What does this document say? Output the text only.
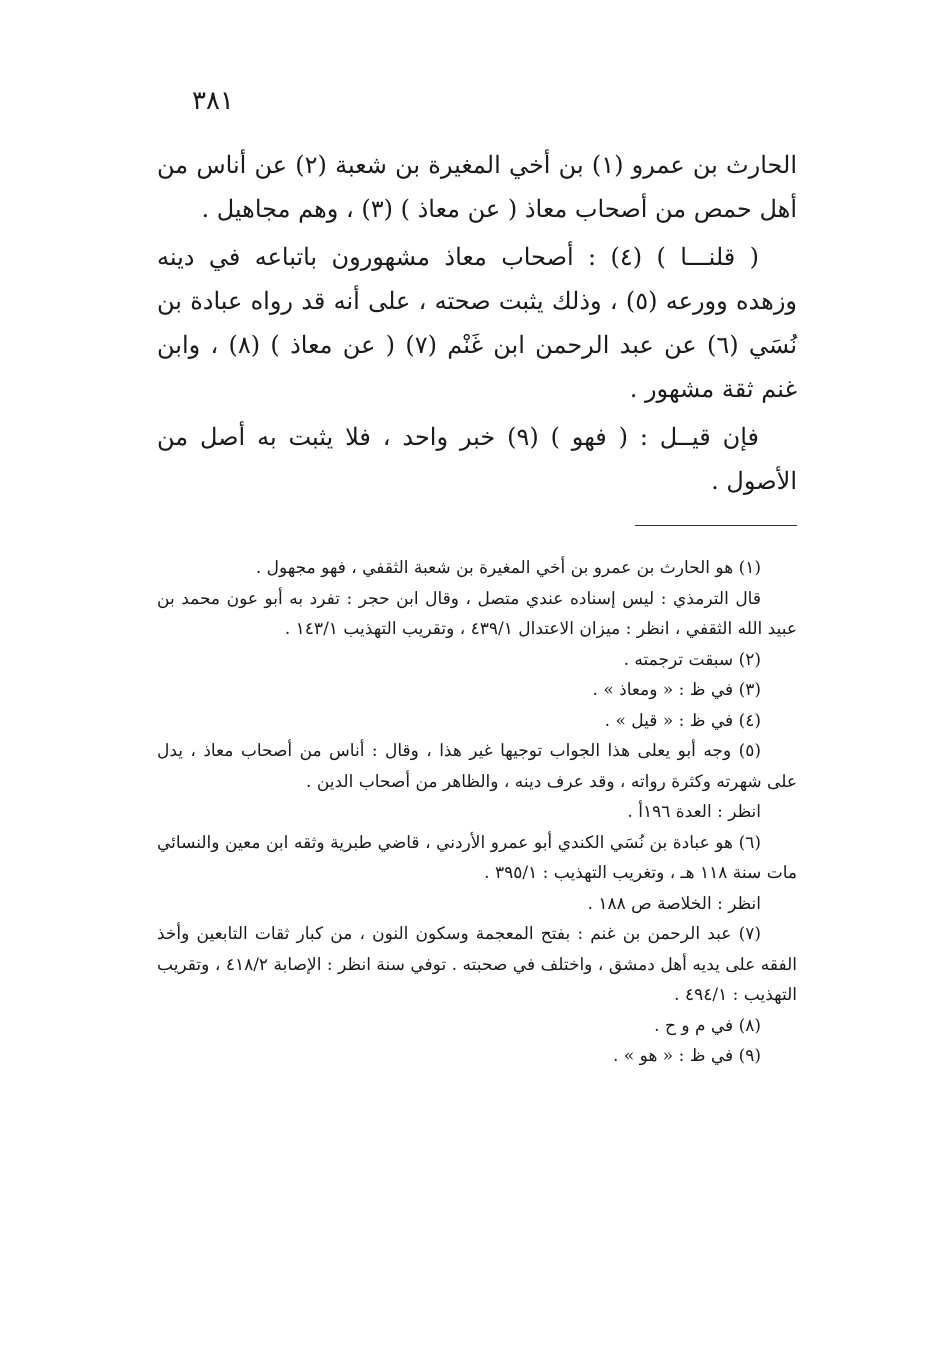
٣٨١

الحارث بن عمرو (١) بن أخي المغيرة بن شعبة (٢) عن أناس من أهل حمص من أصحاب معاذ ( عن معاذ ) (٣) ، وهم مجاهيل .

( قلنـــا ) (٤) : أصحاب معاذ مشهورون باتباعه في دينه وزهده وورعه (٥) ، وذلك يثبت صحته ، على أنه قد رواه عبادة بن نُسَي (٦) عن عبد الرحمن ابن غَنْم (٧) ( عن معاذ ) (٨) ، وابن غنم ثقة مشهور .

فإن قيــل : ( فهو ) (٩) خبر واحد ، فلا يثبت به أصل من الأصول .

(١) هو الحارث بن عمرو بن أخي المغيرة بن شعبة الثقفي ، فهو مجهول .

قال الترمذي : ليس إسناده عندي متصل ، وقال ابن حجر : تفرد به أبو عون محمد بن عبيد الله الثقفي ، انظر : ميزان الاعتدال ٤٣٩/١ ، وتقريب التهذيب ١٤٣/١ .

(٢) سبقت ترجمته .

(٣) في ظ : « ومعاذ » .

(٤) في ظ : « قيل » .

(٥) وجه أبو يعلى هذا الجواب توجيها غير هذا ، وقال : أناس من أصحاب معاذ ، يدل على شهرته وكثرة رواته ، وقد عرف دينه ، والظاهر من أصحاب الدين .

انظر : العدة ١٩٦أ .

(٦) هو عبادة بن نُسَي الكندي أبو عمرو الأردني ، قاضي طبرية وثقه ابن معين والنسائي مات سنة ١١٨ هـ ، وتغريب التهذيب : ٣٩٥/١ .

انظر : الخلاصة ص ١٨٨ .

(٧) عبد الرحمن بن غنم : بفتح المعجمة وسكون النون ، من كبار ثقات التابعين وأخذ الفقه على يديه أهل دمشق ، واختلف في صحبته . توفي سنة انظر : الإصابة ٤١٨/٢ ، وتقريب التهذيب : ٤٩٤/١ .

(٨) في م و ح .

(٩) في ظ : « هو » .
